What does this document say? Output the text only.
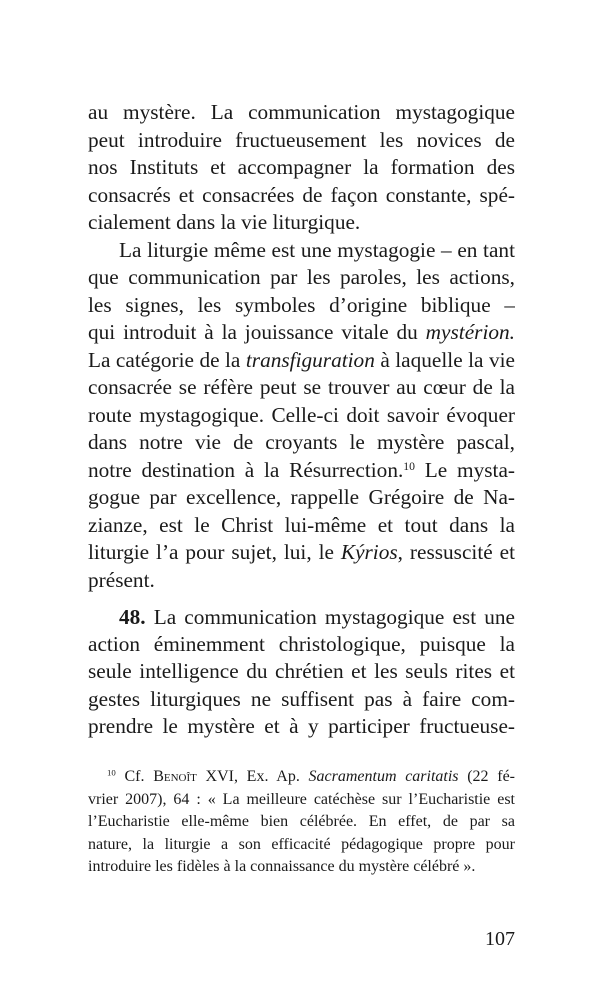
au mystère. La communication mystagogique
peut introduire fructueusement les novices de
nos Instituts et accompagner la formation des
consacrés et consacrées de façon constante, spé-
cialement dans la vie liturgique.
La liturgie même est une mystagogie – en tant
que communication par les paroles, les actions,
les signes, les symboles d’origine biblique –
qui introduit à la jouissance vitale du mystérion.
La catégorie de la transfiguration à laquelle la vie
consacrée se réfère peut se trouver au cœur de la
route mystagogique. Celle-ci doit savoir évoquer
dans notre vie de croyants le mystère pascal,
notre destination à la Résurrection.$^{10}$ Le mysta-
gogue par excellence, rappelle Grégoire de Na-
zianze, est le Christ lui-même et tout dans la
liturgie l’a pour sujet, lui, le Kýrios, ressuscité et
présent.
48. La communication mystagogique est une
action éminemment christologique, puisque la
seule intelligence du chrétien et les seuls rites et
gestes liturgiques ne suffisent pas à faire com-
prendre le mystère et à y participer fructueuse-
$^{10}$ Cf. Benoît XVI, Ex. Ap. Sacramentum caritatis (22 fé-
vrier 2007), 64 : « La meilleure catéchèse sur l’Eucharistie est
l’Eucharistie elle-même bien célébrée. En effet, de par sa
nature, la liturgie a son efficacité pédagogique propre pour
introduire les fidèles à la connaissance du mystère célébré ».
107
